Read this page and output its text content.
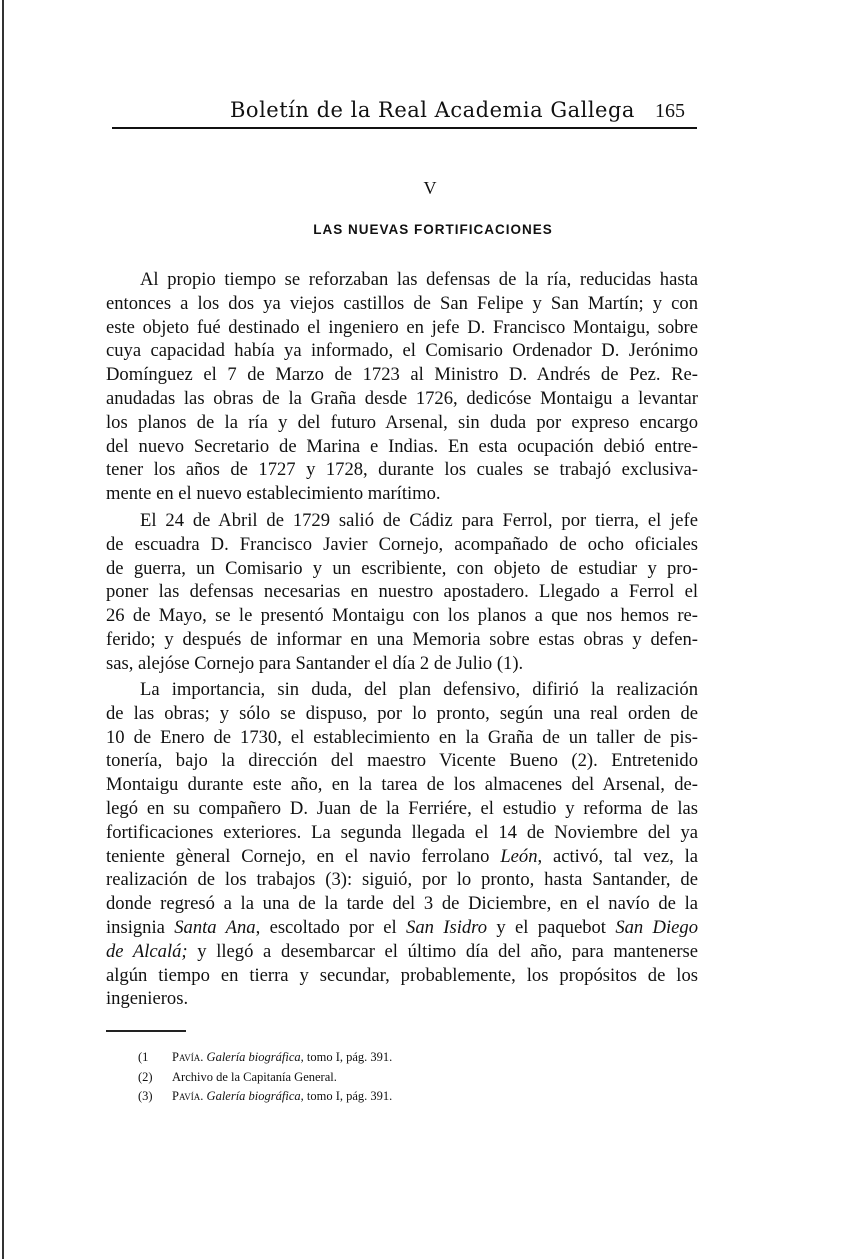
Boletín de la Real Academia Gallega 165
V
LAS NUEVAS FORTIFICACIONES
Al propio tiempo se reforzaban las defensas de la ría, reducidas hasta
entonces a los dos ya viejos castillos de San Felipe y San Martín; y con
este objeto fué destinado el ingeniero en jefe D. Francisco Montaigu, sobre
cuya capacidad había ya informado, el Comisario Ordenador D. Jerónimo
Domínguez el 7 de Marzo de 1723 al Ministro D. Andrés de Pez. Re-
anudadas las obras de la Graña desde 1726, dedicóse Montaigu a levantar
los planos de la ría y del futuro Arsenal, sin duda por expreso encargo
del nuevo Secretario de Marina e Indias. En esta ocupación debió entre-
tener los años de 1727 y 1728, durante los cuales se trabajó exclusiva-
mente en el nuevo establecimiento marítimo.
El 24 de Abril de 1729 salió de Cádiz para Ferrol, por tierra, el jefe
de escuadra D. Francisco Javier Cornejo, acompañado de ocho oficiales
de guerra, un Comisario y un escribiente, con objeto de estudiar y pro-
poner las defensas necesarias en nuestro apostadero. Llegado a Ferrol el
26 de Mayo, se le presentó Montaigu con los planos a que nos hemos re-
ferido; y después de informar en una Memoria sobre estas obras y defen-
sas, alejóse Cornejo para Santander el día 2 de Julio (1).
La importancia, sin duda, del plan defensivo, difirió la realización
de las obras; y sólo se dispuso, por lo pronto, según una real orden de
10 de Enero de 1730, el establecimiento en la Graña de un taller de pis-
tonería, bajo la dirección del maestro Vicente Bueno (2). Entretenido
Montaigu durante este año, en la tarea de los almacenes del Arsenal, de-
legó en su compañero D. Juan de la Ferriére, el estudio y reforma de las
fortificaciones exteriores. La segunda llegada el 14 de Noviembre del ya
teniente gèneral Cornejo, en el navio ferrolano León, activó, tal vez, la
realización de los trabajos (3): siguió, por lo pronto, hasta Santander, de
donde regresó a la una de la tarde del 3 de Diciembre, en el navío de la
insignia Santa Ana, escoltado por el San Isidro y el paquebot San Diego
de Alcalá; y llegó a desembarcar el último día del año, para mantenerse
algún tiempo en tierra y secundar, probablemente, los propósitos de los
ingenieros.
(1 Pavía. Galería biográfica, tomo I, pág. 391.
(2) Archivo de la Capitanía General.
(3) Pavía. Galería biográfica, tomo I, pág. 391.
